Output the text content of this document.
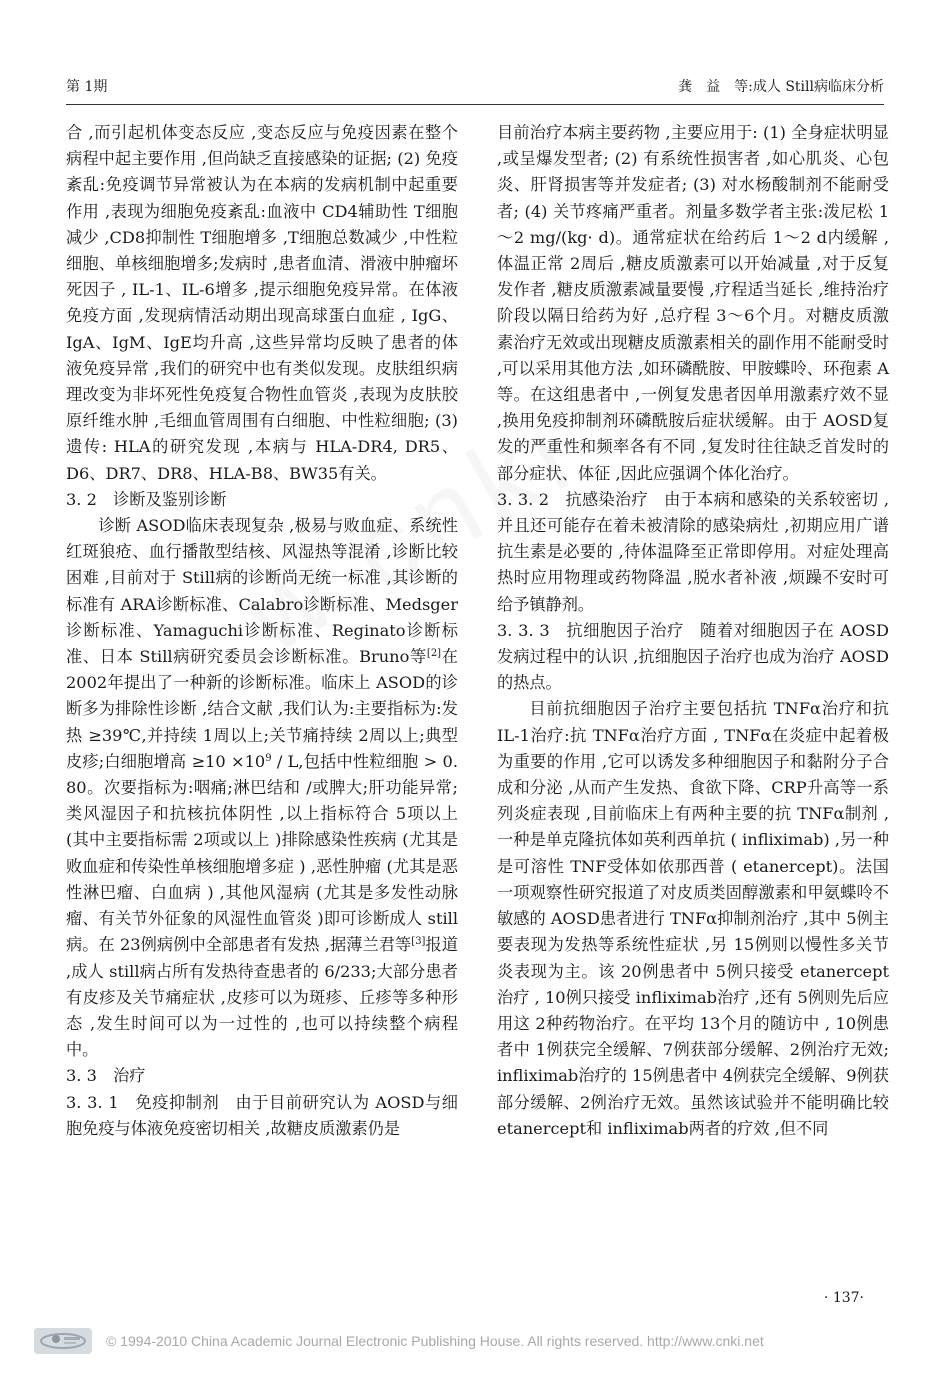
第 1期	龚　益　等:成人 Still病临床分析

合 ,而引起机体变态反应 ,变态反应与免疫因素在整个病程中起主要作用 ,但尚缺乏直接感染的证据; (2) 免疫紊乱:免疫调节异常被认为在本病的发病机制中起重要作用 ,表现为细胞免疫紊乱:血液中 CD4辅助性 T细胞减少 ,CD8抑制性 T细胞增多 ,T细胞总数减少 ,中性粒细胞、单核细胞增多;发病时 ,患者血清、滑液中肿瘤坏死因子 , IL-1、IL-6增多 ,提示细胞免疫异常。在体液免疫方面 ,发现病情活动期出现高球蛋白血症 , IgG、IgA、IgM、IgE均升高 ,这些异常均反映了患者的体液免疫异常 ,我们的研究中也有类似发现。皮肤组织病理改变为非坏死性免疫复合物性血管炎 ,表现为皮肤胶原纤维水肿 ,毛细血管周围有白细胞、中性粒细胞; (3) 遗传: HLA的研究发现 ,本病与 HLA-DR4, DR5、D6、DR7、DR8、HLA-B8、BW35有关。

3. 2 诊断及鉴别诊断

诊断 ASOD临床表现复杂 ,极易与败血症、系统性红斑狼疮、血行播散型结核、风湿热等混淆 ,诊断比较困难 ,目前对于 Still病的诊断尚无统一标准 ,其诊断的标准有 ARA诊断标准、Calabro诊断标准、Medsger诊断标准、Yamaguchi诊断标准、Reginato诊断标准、日本 Still病研究委员会诊断标准。Bruno等[2]在 2002年提出了一种新的诊断标准。临床上 ASOD的诊断多为排除性诊断 ,结合文献 ,我们认为:主要指标为:发热 ≥39℃,并持续 1周以上;关节痛持续 2周以上;典型皮疹;白细胞增高 $\ge 10 \times 10^9 / L$,包括中性粒细胞 > 0. 80。次要指标为:咽痛;淋巴结和 /或脾大;肝功能异常;类风湿因子和抗核抗体阴性 ,以上指标符合 5项以上 (其中主要指标需 2项或以上 )排除感染性疾病 (尤其是败血症和传染性单核细胞增多症 ) ,恶性肿瘤 (尤其是恶性淋巴瘤、白血病 ) ,其他风湿病 (尤其是多发性动脉瘤、有关节外征象的风湿性血管炎 )即可诊断成人 still病。在 23例病例中全部患者有发热 ,据薄兰君等[3]报道 ,成人 still病占所有发热待查患者的 6/233;大部分患者有皮疹及关节痛症状 ,皮疹可以为斑疹、丘疹等多种形态 ,发生时间可以为一过性的 ,也可以持续整个病程中。

3. 3 治疗

3. 3. 1 免疫抑制剂 由于目前研究认为 AOSD与细胞免疫与体液免疫密切相关 ,故糖皮质激素仍是

目前治疗本病主要药物 ,主要应用于: (1) 全身症状明显 ,或呈爆发型者; (2) 有系统性损害者 ,如心肌炎、心包炎、肝肾损害等并发症者; (3) 对水杨酸制剂不能耐受者; (4) 关节疼痛严重者。剂量多数学者主张:泼尼松 1～2 mg/(kg· d)。通常症状在给药后 1～2 d内缓解 ,体温正常 2周后 ,糖皮质激素可以开始减量 ,对于反复发作者 ,糖皮质激素减量要慢 ,疗程适当延长 ,维持治疗阶段以隔日给药为好 ,总疗程 3～6个月。对糖皮质激素治疗无效或出现糖皮质激素相关的副作用不能耐受时 ,可以采用其他方法 ,如环磷酰胺、甲胺蝶呤、环孢素 A等。在这组患者中 ,一例复发患者因单用激素疗效不显 ,换用免疫抑制剂环磷酰胺后症状缓解。由于 AOSD复发的严重性和频率各有不同 ,复发时往往缺乏首发时的部分症状、体征 ,因此应强调个体化治疗。

3. 3. 2 抗感染治疗 由于本病和感染的关系较密切 ,并且还可能存在着未被清除的感染病灶 ,初期应用广谱抗生素是必要的 ,待体温降至正常即停用。对症处理高热时应用物理或药物降温 ,脱水者补液 ,烦躁不安时可给予镇静剂。

3. 3. 3 抗细胞因子治疗 随着对细胞因子在 AOSD发病过程中的认识 ,抗细胞因子治疗也成为治疗 AOSD的热点。

目前抗细胞因子治疗主要包括抗 TNFα治疗和抗 IL-1治疗:抗 TNFα治疗方面 , TNFα在炎症中起着极为重要的作用 ,它可以诱发多种细胞因子和黏附分子合成和分泌 ,从而产生发热、食欲下降、CRP升高等一系列炎症表现 ,目前临床上有两种主要的抗 TNFα制剂 ,一种是单克隆抗体如英利西单抗 ( infliximab) ,另一种是可溶性 TNF受体如依那西普 ( etanercept)。法国一项观察性研究报道了对皮质类固醇激素和甲氨蝶呤不敏感的 AOSD患者进行 TNFα抑制剂治疗 ,其中 5例主要表现为发热等系统性症状 ,另 15例则以慢性多关节炎表现为主。该 20例患者中 5例只接受 etanercept治疗 , 10例只接受 infliximab治疗 ,还有 5例则先后应用这 2种药物治疗。在平均 13个月的随访中 , 10例患者中 1例获完全缓解、7例获部分缓解、2例治疗无效; infliximab治疗的 15例患者中 4例获完全缓解、9例获部分缓解、2例治疗无效。虽然该试验并不能明确比较 etanercept和 infliximab两者的疗效 ,但不同

· 137·
© 1994-2010 China Academic Journal Electronic Publishing House. All rights reserved. http://www.cnki.net
